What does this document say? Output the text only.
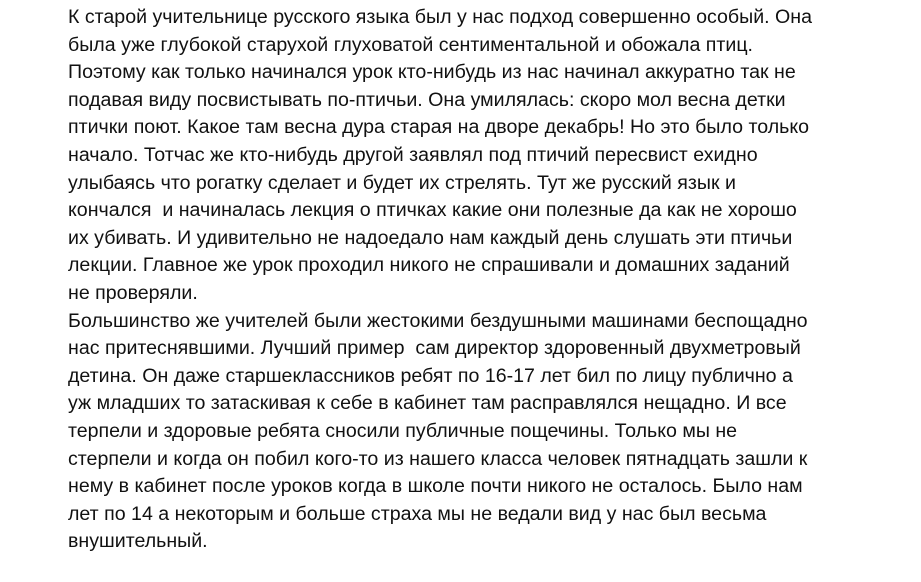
К старой учительнице русского языка был у нас подход совершенно особый. Она
была уже глубокой старухой глуховатой сентиментальной и обожала птиц.
Поэтому как только начинался урок кто-нибудь из нас начинал аккуратно так не
подавая виду посвистывать по-птичьи. Она умилялась: скоро мол весна детки
птички поют. Какое там весна дура старая на дворе декабрь! Но это было только
начало. Тотчас же кто-нибудь другой заявлял под птичий пересвист ехидно
улыбаясь что рогатку сделает и будет их стрелять. Тут же русский язык и
кончался  и начиналась лекция о птичках какие они полезные да как не хорошо
их убивать. И удивительно не надоедало нам каждый день слушать эти птичьи
лекции. Главное же урок проходил никого не спрашивали и домашних заданий
не проверяли.
Большинство же учителей были жестокими бездушными машинами беспощадно
нас притеснявшими. Лучший пример  сам директор здоровенный двухметровый
детина. Он даже старшеклассников ребят по 16-17 лет бил по лицу публично а
уж младших то затаскивая к себе в кабинет там расправлялся нещадно. И все
терпели и здоровые ребята сносили публичные пощечины. Только мы не
стерпели и когда он побил кого-то из нашего класса человек пятнадцать зашли к
нему в кабинет после уроков когда в школе почти никого не осталось. Было нам
лет по 14 а некоторым и больше страха мы не ведали вид у нас был весьма
внушительный.
